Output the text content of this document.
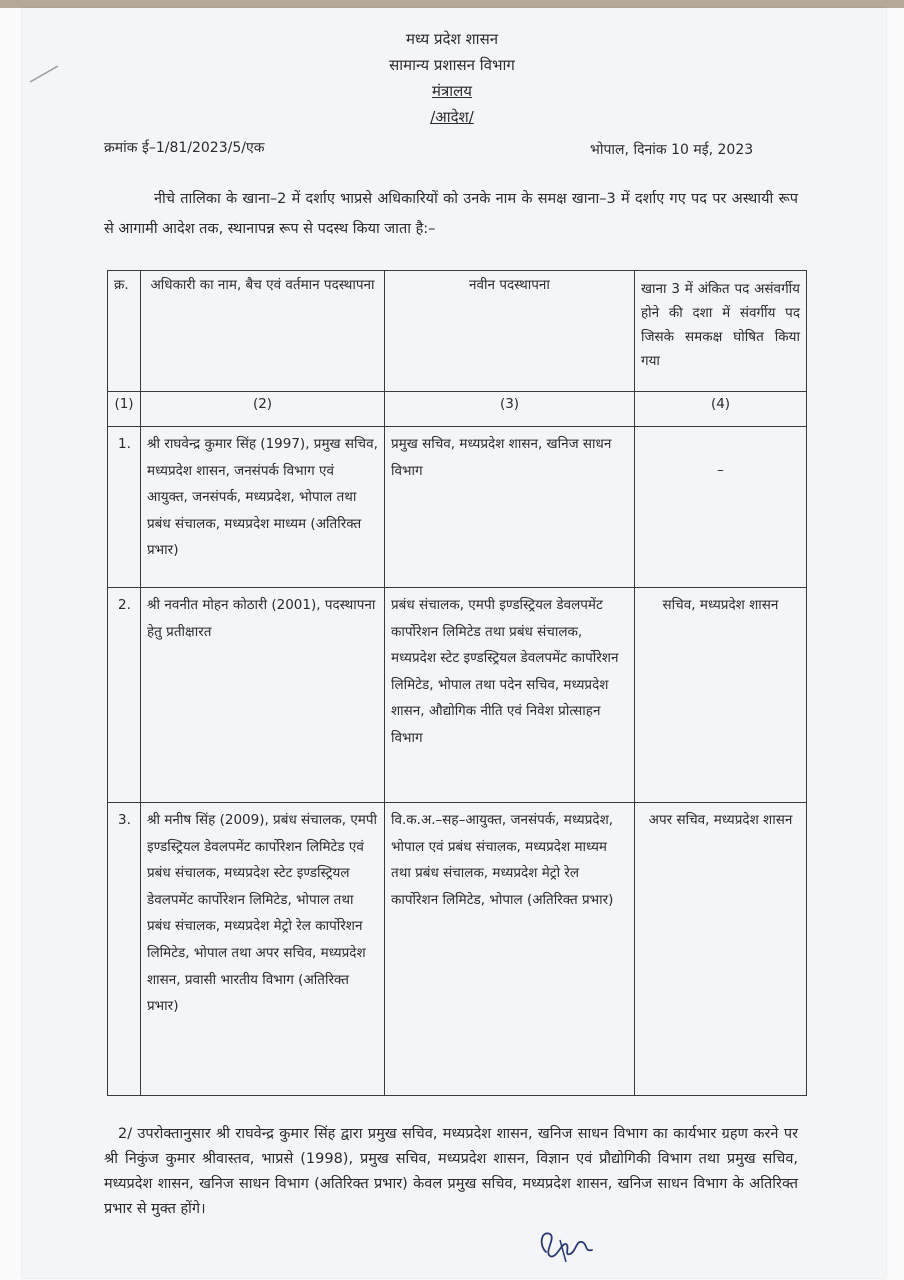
मध्य प्रदेश शासन
सामान्य प्रशासन विभाग
मंत्रालय
/आदेश/
क्रमांक ई–1/81/2023/5/एक	भोपाल, दिनांक 10 मई, 2023
नीचे तालिका के खाना–2 में दर्शाए भाप्रसे अधिकारियों को उनके नाम के समक्ष खाना–3 में दर्शाए गए पद पर अस्थायी रूप से आगामी आदेश तक, स्थानापन्न रूप से पदस्थ किया जाता है:–
क्र.	अधिकारी का नाम, बैच एवं वर्तमान पदस्थापना	नवीन पदस्थापना	खाना 3 में अंकित पद असंवर्गीय होने की दशा में संवर्गीय पद जिसके समकक्ष घोषित किया गया
(1)	(2)	(3)	(4)
1.	श्री राघवेन्द्र कुमार सिंह (1997), प्रमुख सचिव, मध्यप्रदेश शासन, जनसंपर्क विभाग एवं आयुक्त, जनसंपर्क, मध्यप्रदेश, भोपाल तथा प्रबंध संचालक, मध्यप्रदेश माध्यम (अतिरिक्त प्रभार)	प्रमुख सचिव, मध्यप्रदेश शासन, खनिज साधन विभाग	–
2.	श्री नवनीत मोहन कोठारी (2001), पदस्थापना हेतु प्रतीक्षारत	प्रबंध संचालक, एमपी इण्डस्ट्रियल डेवलपमेंट कार्पोरेशन लिमिटेड तथा प्रबंध संचालक, मध्यप्रदेश स्टेट इण्डस्ट्रियल डेवलपमेंट कार्पोरेशन लिमिटेड, भोपाल तथा पदेन सचिव, मध्यप्रदेश शासन, औद्योगिक नीति एवं निवेश प्रोत्साहन विभाग	सचिव, मध्यप्रदेश शासन
3.	श्री मनीष सिंह (2009), प्रबंध संचालक, एमपी इण्डस्ट्रियल डेवलपमेंट कार्पोरेशन लिमिटेड एवं प्रबंध संचालक, मध्यप्रदेश स्टेट इण्डस्ट्रियल डेवलपमेंट कार्पोरेशन लिमिटेड, भोपाल तथा प्रबंध संचालक, मध्यप्रदेश मेट्रो रेल कार्पोरेशन लिमिटेड, भोपाल तथा अपर सचिव, मध्यप्रदेश शासन, प्रवासी भारतीय विभाग (अतिरिक्त प्रभार)	वि.क.अ.–सह–आयुक्त, जनसंपर्क, मध्यप्रदेश, भोपाल एवं प्रबंध संचालक, मध्यप्रदेश माध्यम तथा प्रबंध संचालक, मध्यप्रदेश मेट्रो रेल कार्पोरेशन लिमिटेड, भोपाल (अतिरिक्त प्रभार)	अपर सचिव, मध्यप्रदेश शासन
2/ उपरोक्तानुसार श्री राघवेन्द्र कुमार सिंह द्वारा प्रमुख सचिव, मध्यप्रदेश शासन, खनिज साधन विभाग का कार्यभार ग्रहण करने पर श्री निकुंज कुमार श्रीवास्तव, भाप्रसे (1998), प्रमुख सचिव, मध्यप्रदेश शासन, विज्ञान एवं प्रौद्योगिकी विभाग तथा प्रमुख सचिव, मध्यप्रदेश शासन, खनिज साधन विभाग (अतिरिक्त प्रभार) केवल प्रमुख सचिव, मध्यप्रदेश शासन, खनिज साधन विभाग के अतिरिक्त प्रभार से मुक्त होंगे।
